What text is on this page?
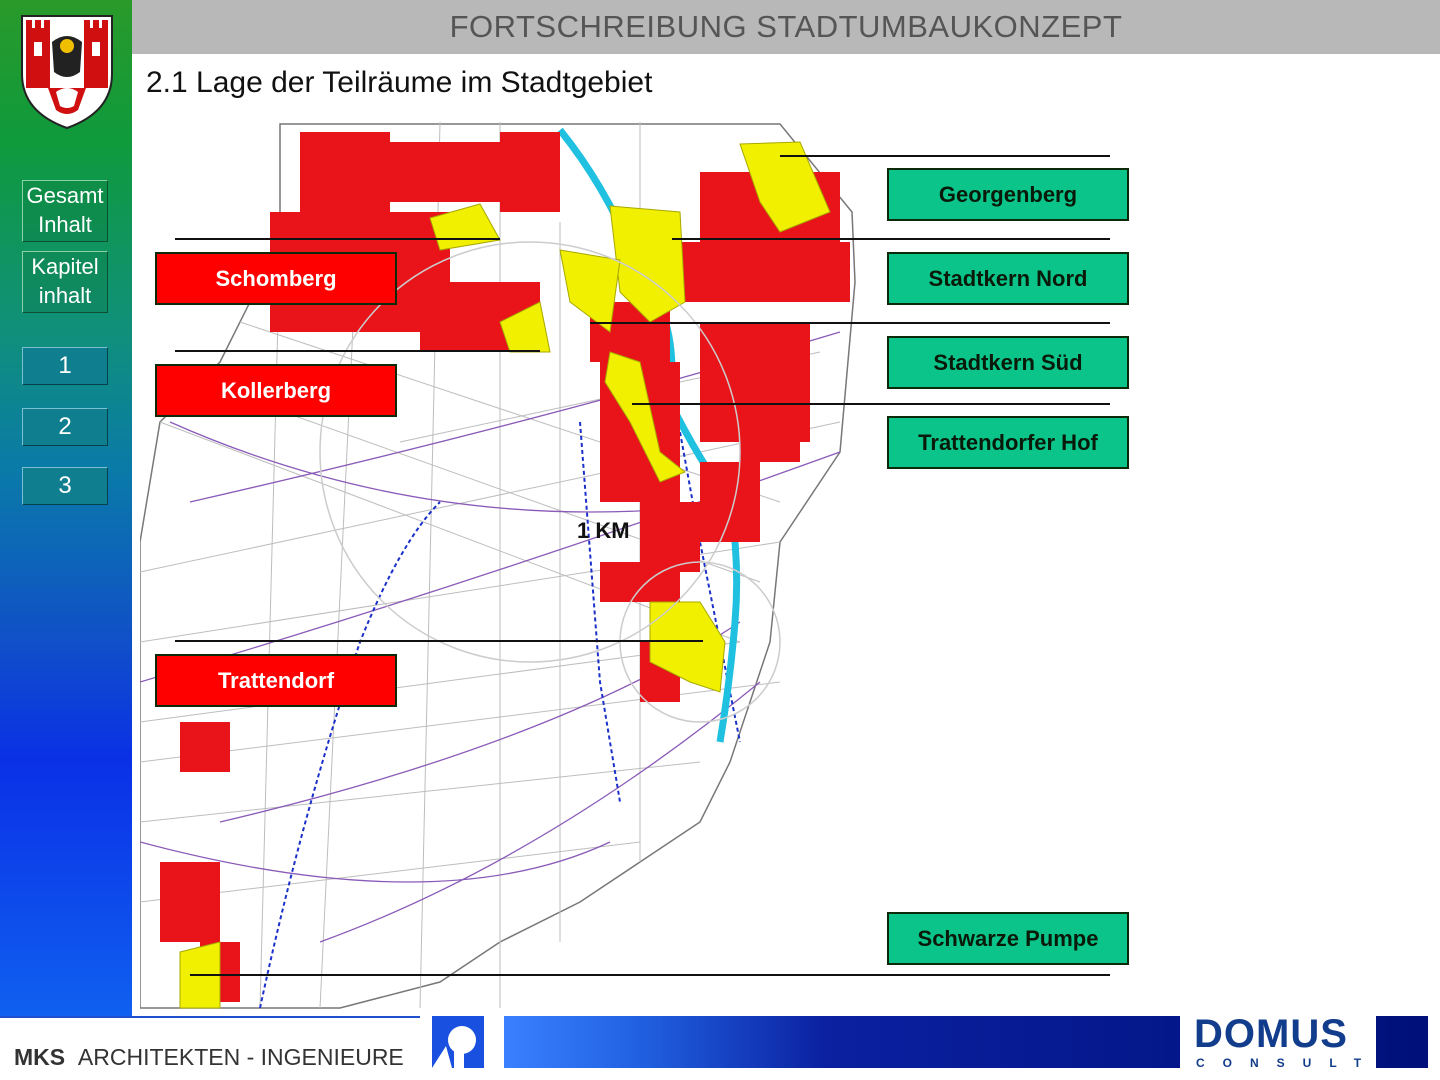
Gesamt
Inhalt
Kapitel
inhalt
1
2
3
FORTSCHREIBUNG STADTUMBAUKONZEPT
2.1 Lage der Teilräume im Stadtgebiet
1 KM
Schomberg
Kollerberg
Trattendorf
Georgenberg
Stadtkern Nord
Stadtkern Süd
Trattendorfer Hof
Schwarze Pumpe
MKS ARCHITEKTEN - INGENIEURE
DOMUS
CONSULT
